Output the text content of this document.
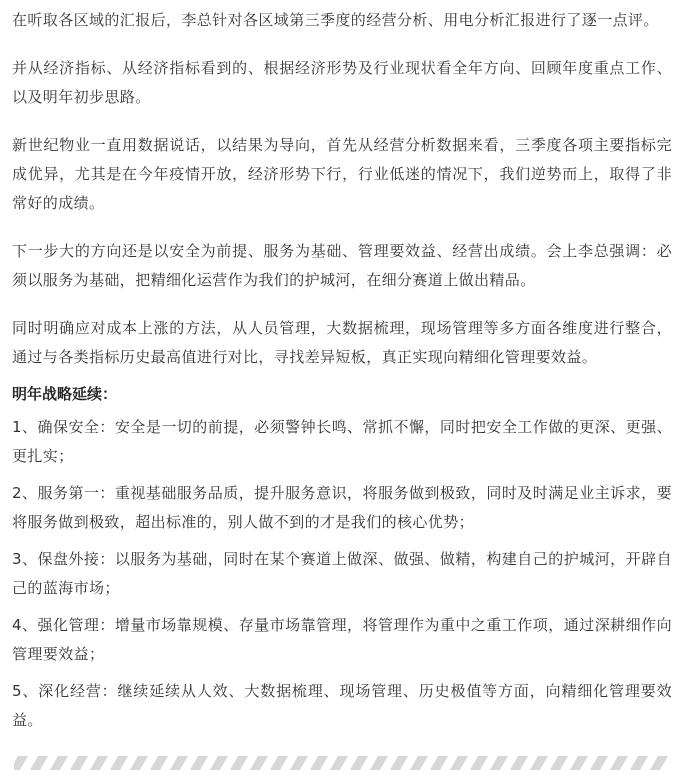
在听取各区域的汇报后，李总针对各区域第三季度的经营分析、用电分析汇报进行了逐一点评。

并从经济指标、从经济指标看到的、根据经济形势及行业现状看全年方向、回顾年度重点工作、以及明年初步思路。

新世纪物业一直用数据说话，以结果为导向，首先从经营分析数据来看，三季度各项主要指标完成优异，尤其是在今年疫情开放，经济形势下行，行业低迷的情况下，我们逆势而上，取得了非常好的成绩。

下一步大的方向还是以安全为前提、服务为基础、管理要效益、经营出成绩。会上李总强调：必须以服务为基础，把精细化运营作为我们的护城河，在细分赛道上做出精品。

同时明确应对成本上涨的方法，从人员管理，大数据梳理，现场管理等多方面各维度进行整合，通过与各类指标历史最高值进行对比，寻找差异短板，真正实现向精细化管理要效益。

明年战略延续：

1、确保安全：安全是一切的前提，必须警钟长鸣、常抓不懈，同时把安全工作做的更深、更强、更扎实；

2、服务第一：重视基础服务品质，提升服务意识，将服务做到极致，同时及时满足业主诉求，要将服务做到极致，超出标准的，别人做不到的才是我们的核心优势；

3、保盘外接：以服务为基础，同时在某个赛道上做深、做强、做精，构建自己的护城河，开辟自己的蓝海市场；

4、强化管理：增量市场靠规模、存量市场靠管理，将管理作为重中之重工作项，通过深耕细作向管理要效益；

5、深化经营：继续延续从人效、大数据梳理、现场管理、历史极值等方面，向精细化管理要效益。
